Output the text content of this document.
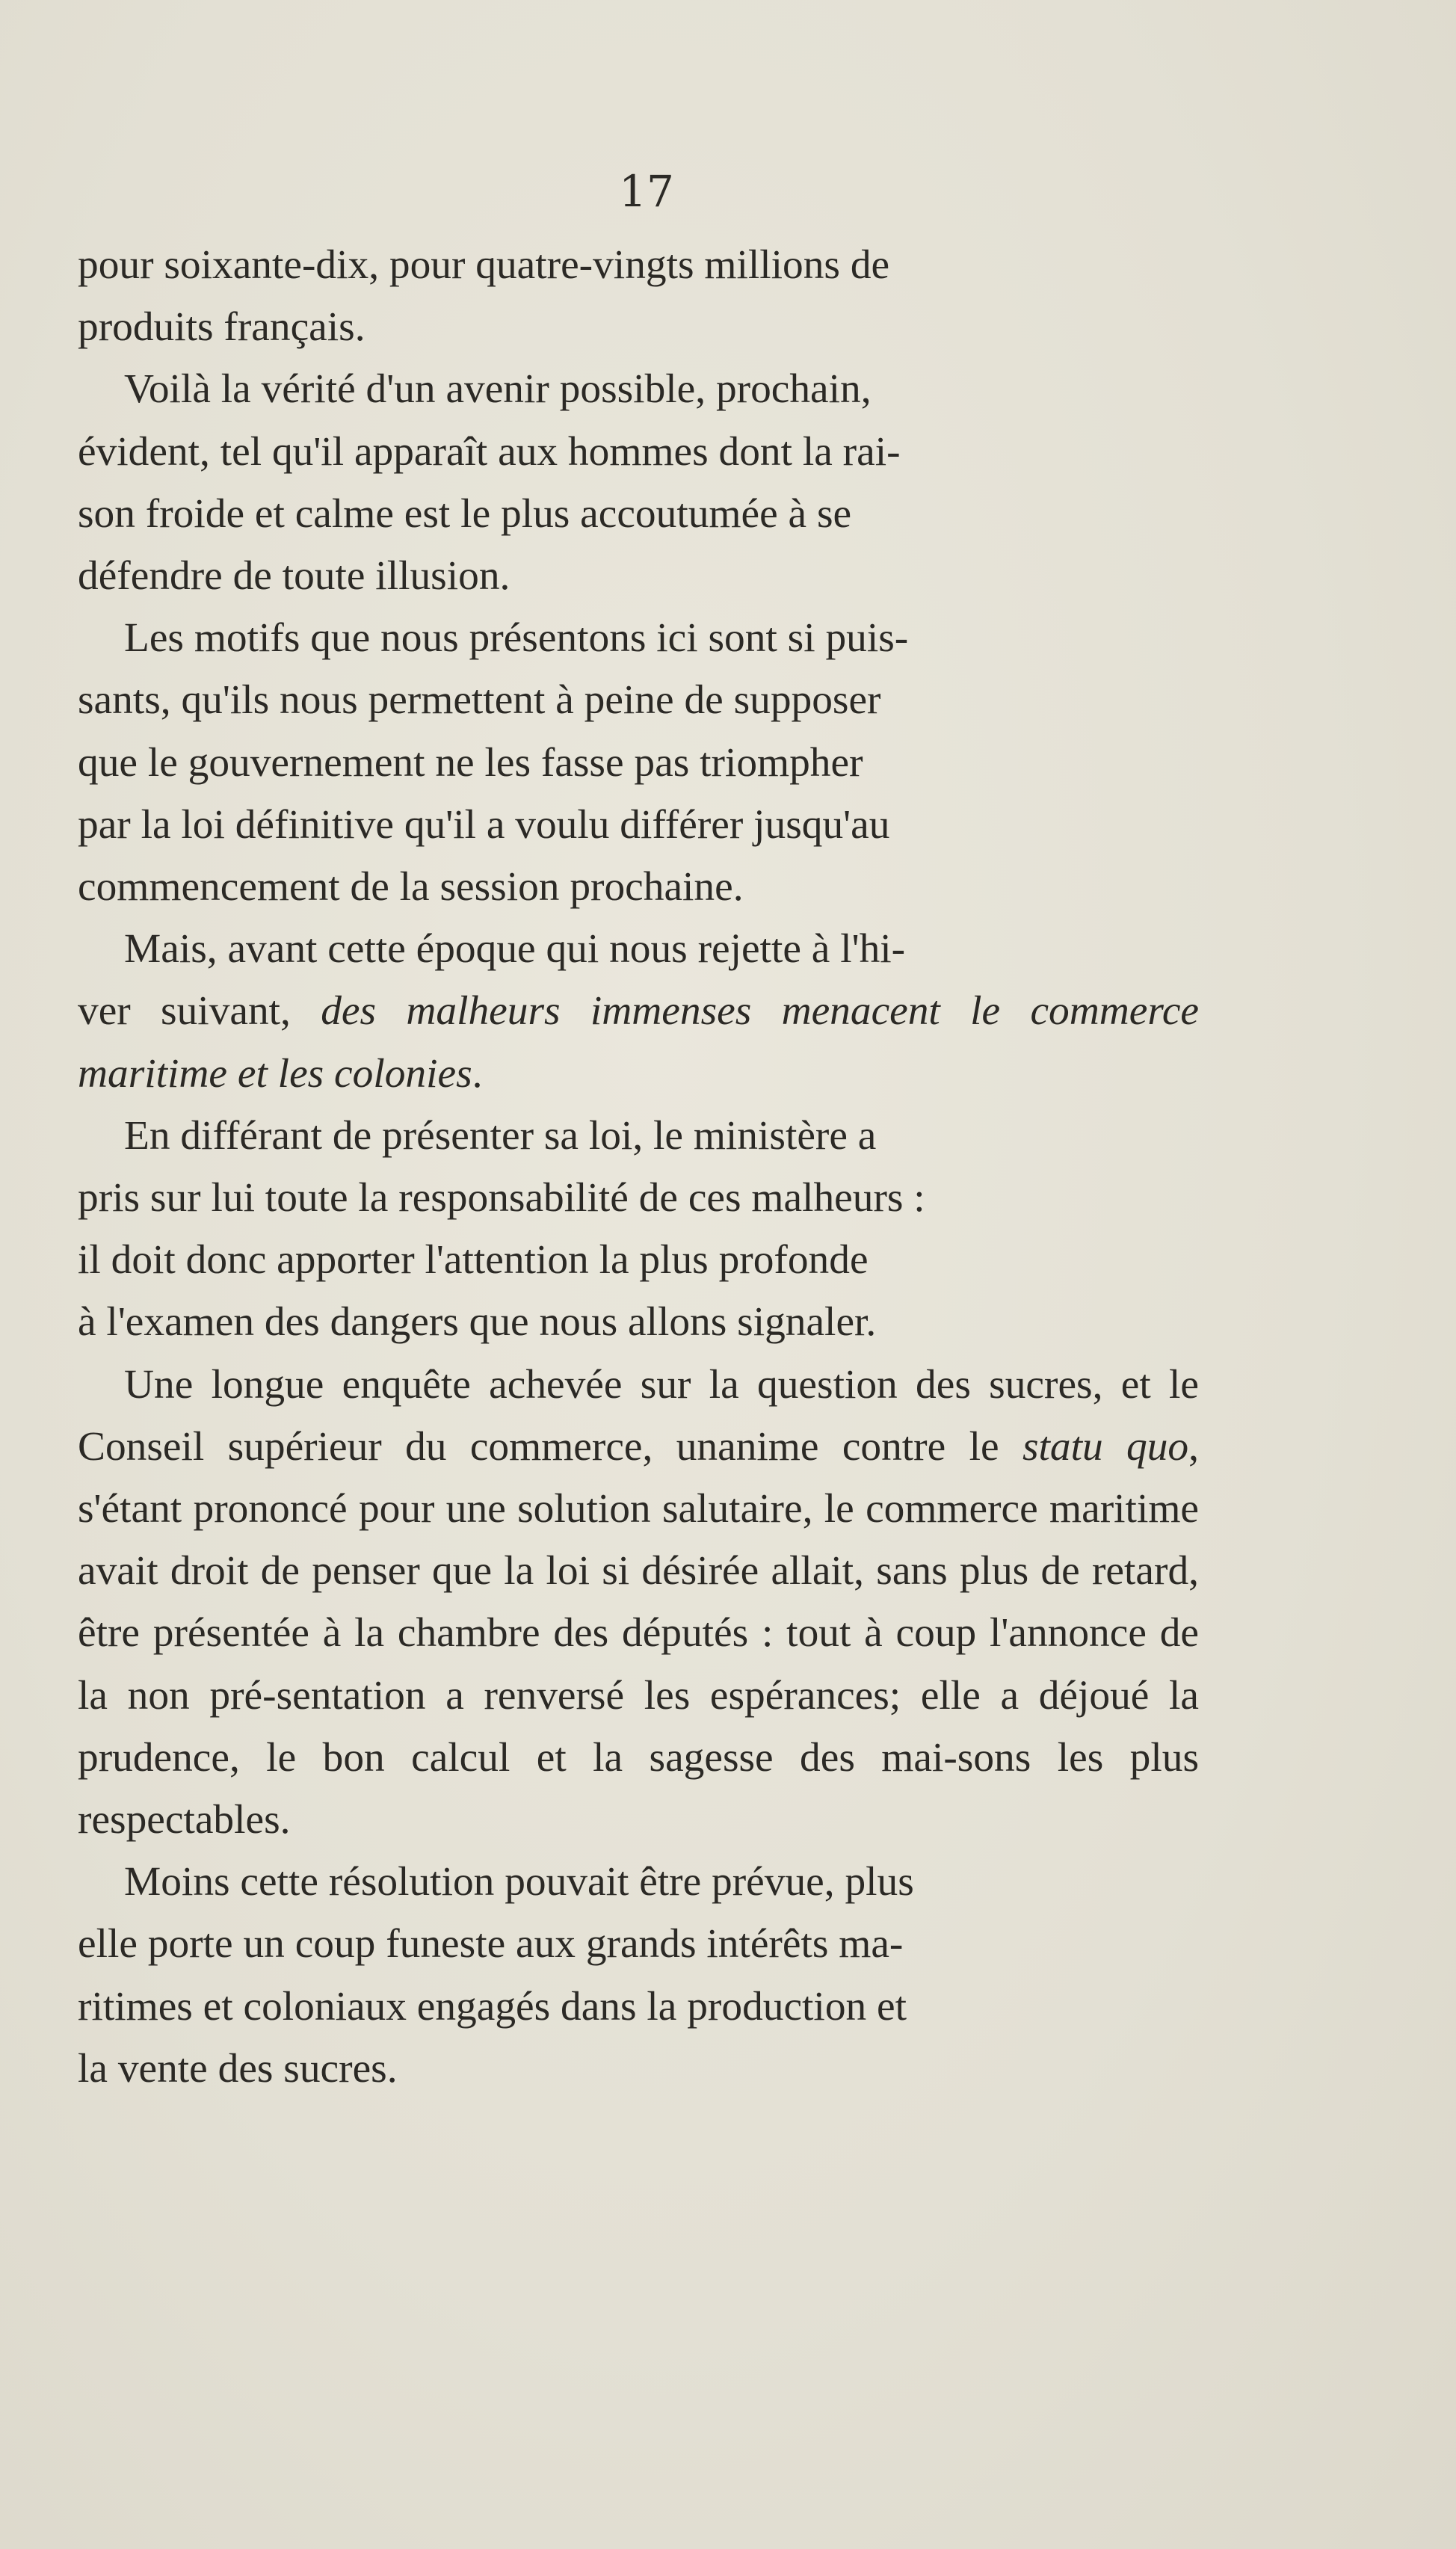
17

pour soixante-dix, pour quatre-vingts millions de
produits français.

Voilà la vérité d'un avenir possible, prochain,
évident, tel qu'il apparaît aux hommes dont la rai-
son froide et calme est le plus accoutumée à se
défendre de toute illusion.

Les motifs que nous présentons ici sont si puis-
sants, qu'ils nous permettent à peine de supposer
que le gouvernement ne les fasse pas triompher
par la loi définitive qu'il a voulu différer jusqu'au
commencement de la session prochaine.

Mais, avant cette époque qui nous rejette à l'hi-
ver suivant, des malheurs immenses menacent le commerce maritime et les colonies.

En différant de présenter sa loi, le ministère a
pris sur lui toute la responsabilité de ces malheurs :
il doit donc apporter l'attention la plus profonde
à l'examen des dangers que nous allons signaler.

Une longue enquête achevée sur la question des sucres, et le Conseil supérieur du commerce, unanime contre le statu quo, s'étant prononcé pour une solution salutaire, le commerce maritime avait droit de penser que la loi si désirée allait, sans plus de retard, être présentée à la chambre des députés : tout à coup l'annonce de la non pré-sentation a renversé les espérances; elle a déjoué la prudence, le bon calcul et la sagesse des mai-sons les plus respectables.

Moins cette résolution pouvait être prévue, plus
elle porte un coup funeste aux grands intérêts ma-
ritimes et coloniaux engagés dans la production et
la vente des sucres.
